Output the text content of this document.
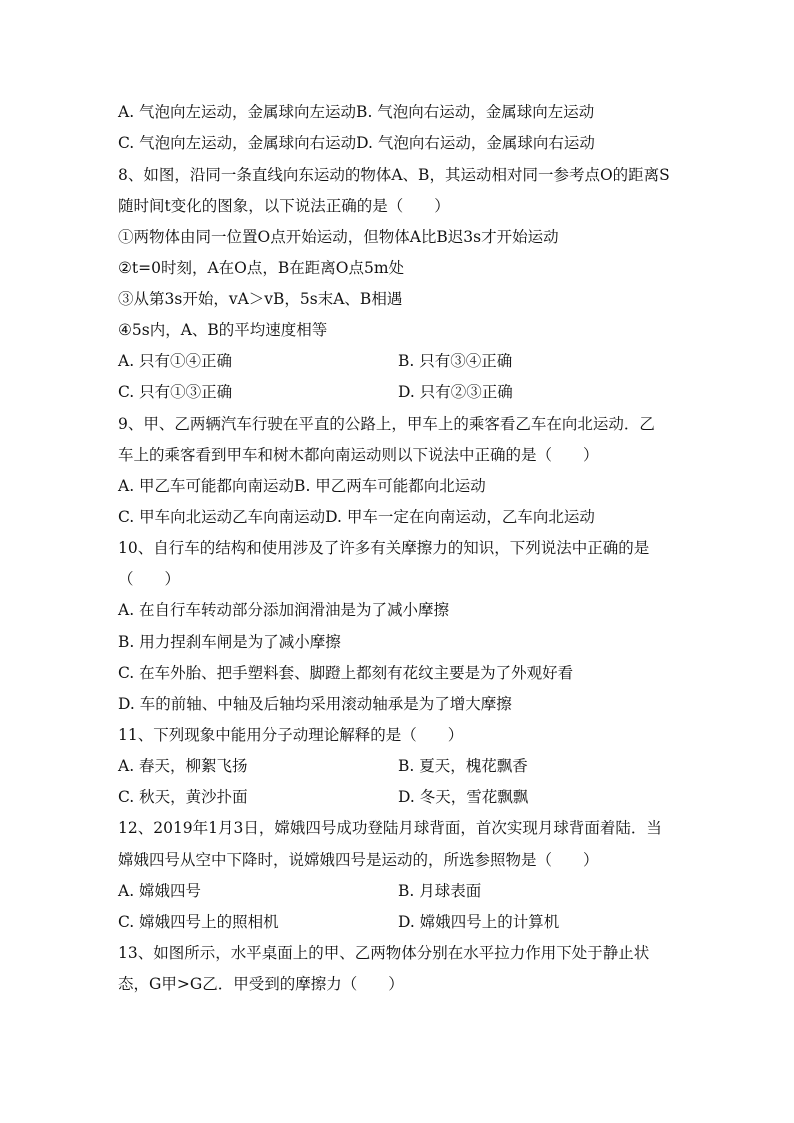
A. 气泡向左运动，金属球向左运动B. 气泡向右运动，金属球向左运动
C. 气泡向左运动，金属球向右运动D. 气泡向右运动，金属球向右运动
8、如图，沿同一条直线向东运动的物体A、B，其运动相对同一参考点O的距离S
随时间t变化的图象，以下说法正确的是（　　）
①两物体由同一位置O点开始运动，但物体A比B迟3s才开始运动
②t=0时刻，A在O点，B在距离O点5m处
③从第3s开始，vA＞vB，5s末A、B相遇
④5s内，A、B的平均速度相等
A. 只有①④正确	B. 只有③④正确
C. 只有①③正确	D. 只有②③正确
9、甲、乙两辆汽车行驶在平直的公路上，甲车上的乘客看乙车在向北运动．乙
车上的乘客看到甲车和树木都向南运动则以下说法中正确的是（　　）
A. 甲乙车可能都向南运动B. 甲乙两车可能都向北运动
C. 甲车向北运动乙车向南运动D. 甲车一定在向南运动，乙车向北运动
10、自行车的结构和使用涉及了许多有关摩擦力的知识，下列说法中正确的是
（　　）
A. 在自行车转动部分添加润滑油是为了减小摩擦
B. 用力捏刹车闸是为了减小摩擦
C. 在车外胎、把手塑料套、脚蹬上都刻有花纹主要是为了外观好看
D. 车的前轴、中轴及后轴均采用滚动轴承是为了增大摩擦
11、下列现象中能用分子动理论解释的是（　　）
A. 春天，柳絮飞扬	B. 夏天，槐花飘香
C. 秋天，黄沙扑面	D. 冬天，雪花飘飘
12、2019年1月3日，嫦娥四号成功登陆月球背面，首次实现月球背面着陆．当
嫦娥四号从空中下降时，说嫦娥四号是运动的，所选参照物是（　　）
A. 嫦娥四号	B. 月球表面
C. 嫦娥四号上的照相机	D. 嫦娥四号上的计算机
13、如图所示，水平桌面上的甲、乙两物体分别在水平拉力作用下处于静止状
态，G甲>G乙．甲受到的摩擦力（　　）
